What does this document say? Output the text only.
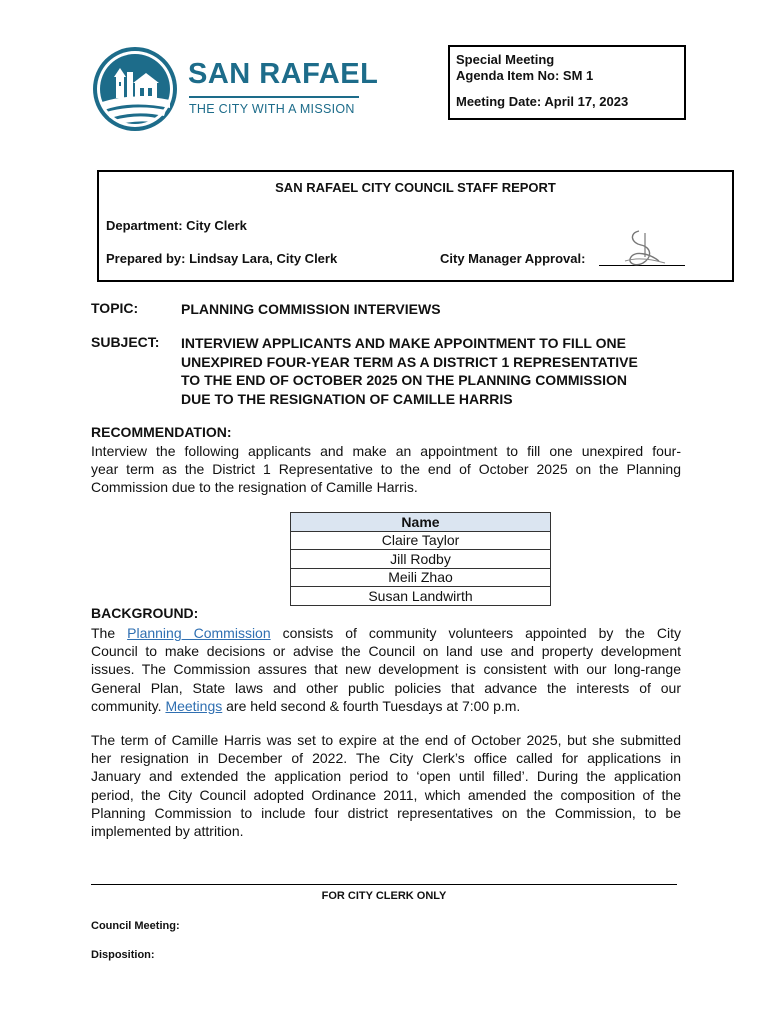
SAN RAFAEL
THE CITY WITH A MISSION
Special Meeting
Agenda Item No: SM 1
Meeting Date: April 17, 2023
SAN RAFAEL CITY COUNCIL STAFF REPORT
Department: City Clerk
Prepared by: Lindsay Lara, City Clerk	City Manager Approval:
TOPIC:	PLANNING COMMISSION INTERVIEWS
SUBJECT: INTERVIEW APPLICANTS AND MAKE APPOINTMENT TO FILL ONE
UNEXPIRED FOUR-YEAR TERM AS A DISTRICT 1 REPRESENTATIVE
TO THE END OF OCTOBER 2025 ON THE PLANNING COMMISSION
DUE TO THE RESIGNATION OF CAMILLE HARRIS
RECOMMENDATION:
Interview the following applicants and make an appointment to fill one unexpired four-
year term as the District 1 Representative to the end of October 2025 on the Planning
Commission due to the resignation of Camille Harris.
Name
Claire Taylor
Jill Rodby
Meili Zhao
Susan Landwirth
BACKGROUND:
The Planning Commission consists of community volunteers appointed by the City
Council to make decisions or advise the Council on land use and property development
issues. The Commission assures that new development is consistent with our long-range
General Plan, State laws and other public policies that advance the interests of our
community. Meetings are held second & fourth Tuesdays at 7:00 p.m.
The term of Camille Harris was set to expire at the end of October 2025, but she submitted
her resignation in December of 2022. The City Clerk’s office called for applications in
January and extended the application period to ‘open until filled’. During the application
period, the City Council adopted Ordinance 2011, which amended the composition of the
Planning Commission to include four district representatives on the Commission, to be
implemented by attrition.
FOR CITY CLERK ONLY
Council Meeting:
Disposition:
